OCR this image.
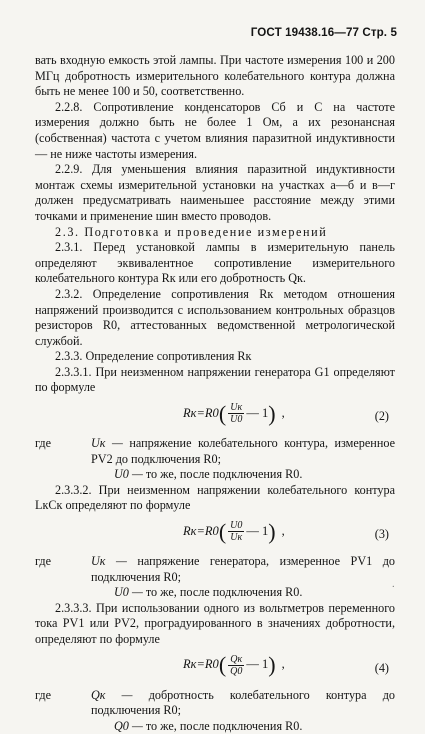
ГОСТ 19438.16—77 Стр. 5

вать входную емкость этой лампы. При частоте измерения 100 и 200 МГц добротность измерительного колебательного контура должна быть не менее 100 и 50, соответственно.

2.2.8. Сопротивление конденсаторов Cб и C на частоте измерения должно быть не более 1 Ом, а их резонансная (собственная) частота с учетом влияния паразитной индуктивности — не ниже частоты измерения.

2.2.9. Для уменьшения влияния паразитной индуктивности монтаж схемы измерительной установки на участках а—б и в—г должен предусматривать наименьшее расстояние между этими точками и применение шин вместо проводов.

2.3. Подготовка и проведение измерений

2.3.1. Перед установкой лампы в измерительную панель определяют эквивалентное сопротивление измерительного колебательного контура Rк или его добротность Qк.

2.3.2. Определение сопротивления Rк методом отношения напряжений производится с использованием контрольных образцов резисторов R0, аттестованных ведомственной метрологической службой.

2.3.3. Определение сопротивления Rк

2.3.3.1. При неизменном напряжении генератора G1 определяют по формуле

Rк=R0 ( $\frac{Uк}{U0}$ — 1 ) ,	(2)

где	Uк — напряжение колебательного контура, измеренное PV2 до подключения R0;

U0 — то же, после подключения R0.

2.3.3.2. При неизменном напряжении колебательного контура LкCк определяют по формуле

Rк=R0 ( $\frac{U0}{Uк}$ — 1 ) ,	(3)

где	Uк — напряжение генератора, измеренное PV1 до подключения R0;

U0 — то же, после подключения R0.

2.3.3.3. При использовании одного из вольтметров переменного тока PV1 или PV2, проградуированного в значениях добротности, определяют по формуле

Rк=R0 ( $\frac{Qк}{Q0}$ — 1 ) ,	(4)

где	Qк — добротность колебательного контура до подключения R0;

Q0 — то же, после подключения R0.

·
